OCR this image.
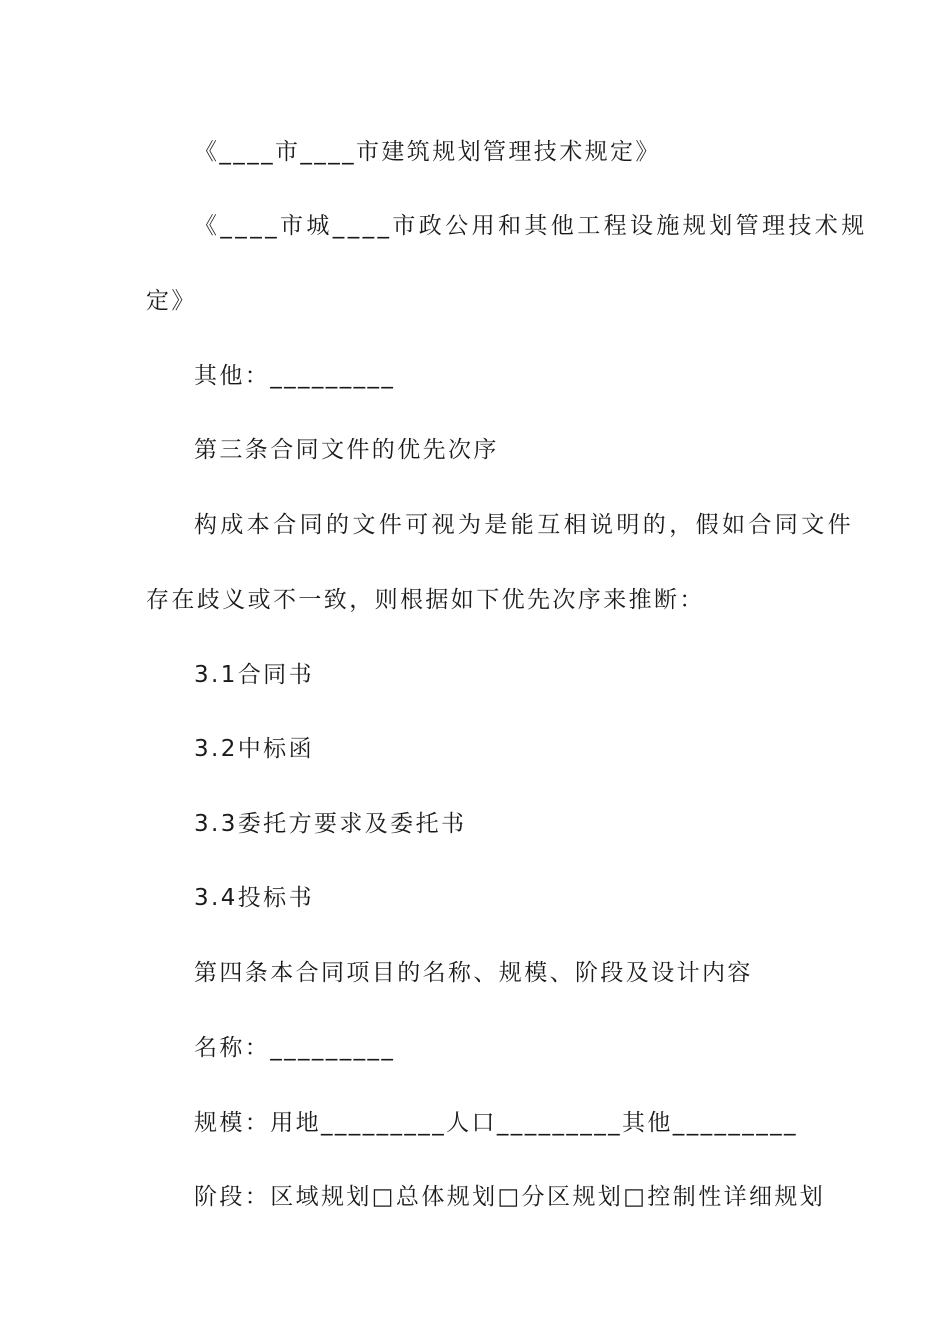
《____市____市建筑规划管理技术规定》
《____市城____市政公用和其他工程设施规划管理技术规
定》
其他：_________
第三条合同文件的优先次序
构成本合同的文件可视为是能互相说明的，假如合同文件
存在歧义或不一致，则根据如下优先次序来推断：
3.1合同书
3.2中标函
3.3委托方要求及委托书
3.4投标书
第四条本合同项目的名称、规模、阶段及设计内容
名称：_________
规模：用地_________人口_________其他_________
阶段：区域规划□总体规划□分区规划□控制性详细规划
